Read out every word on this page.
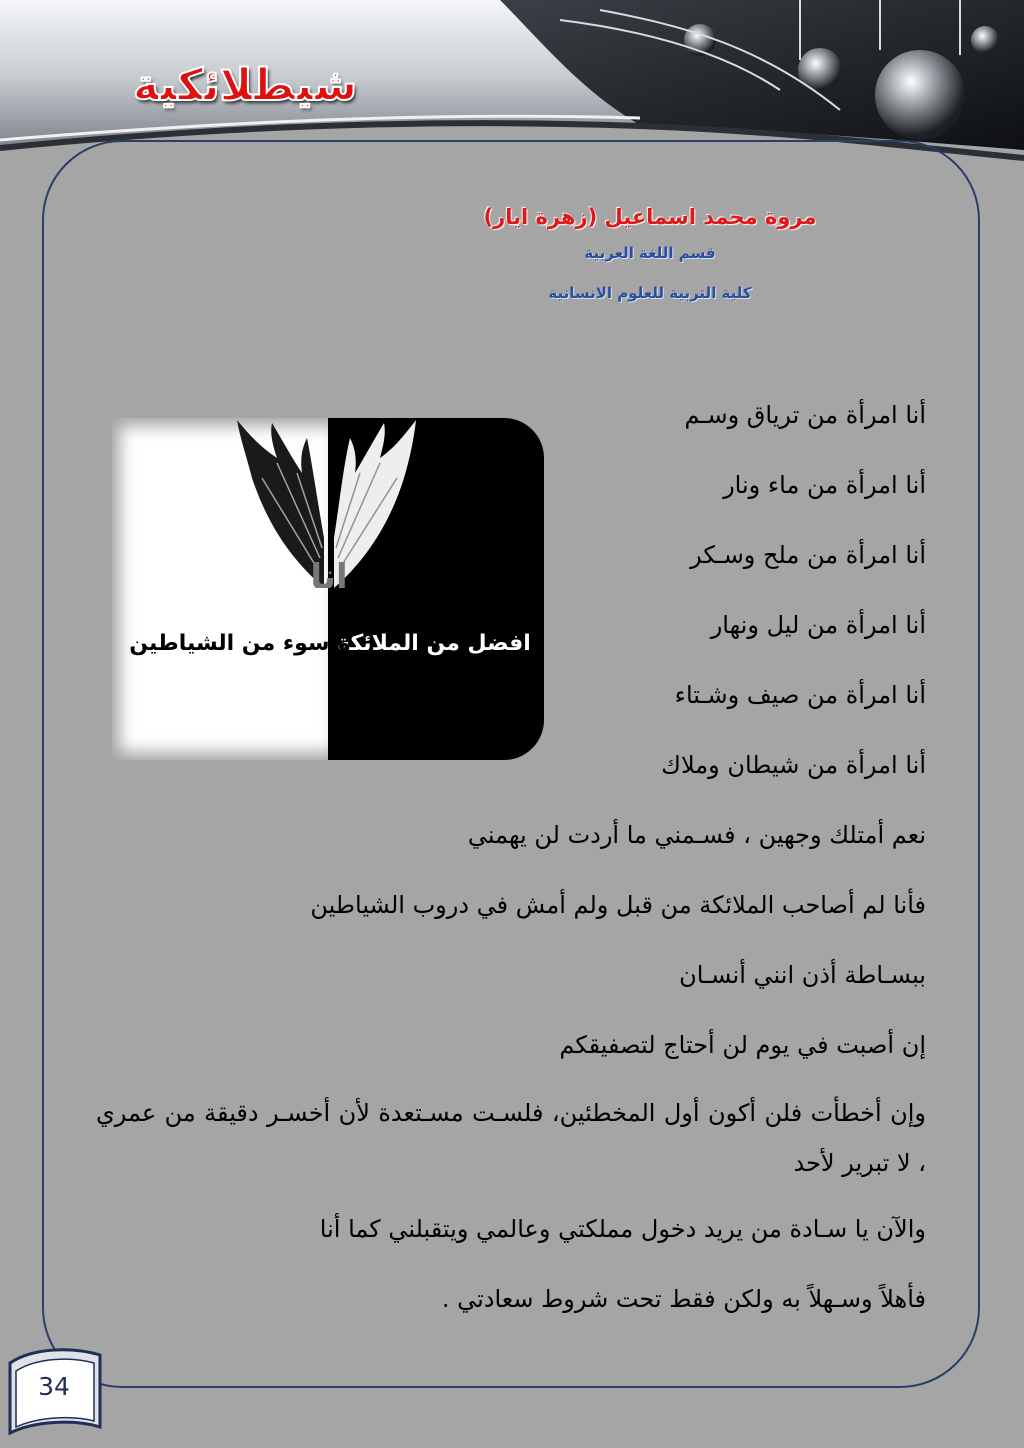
شيطلائكية
مروة محمد اسماعيل (زهرة ايار)
قسم اللغة العربية
كلية التربية للعلوم الانسانية
انا
افضل من الملائكة
واسوء من الشياطين

أنا امرأة من ترياق وسـم

أنا امرأة من ماء ونار

أنا امرأة من ملح وسـكر

أنا امرأة من ليل ونهار

أنا امرأة من صيف وشـتاء

أنا امرأة من شيطان وملاك

نعم أمتلك وجهين ، فسـمني ما أردت لن يهمني

فأنا لم أصاحب الملائكة من قبل ولم أمش في دروب الشياطين

ببسـاطة أذن انني أنسـان

إن أصبت في يوم لن أحتاج لتصفيقكم

وإن أخطأت فلن أكون أول المخطئين، فلسـت مسـتعدة لأن أخسـر دقيقة من عمري ، لا تبرير لأحد

والآن يا سـادة من يريد دخول مملكتي وعالمي ويتقبلني كما أنا

فأهلاً وسـهلاً به ولكن فقط تحت شروط سعادتي .

34
